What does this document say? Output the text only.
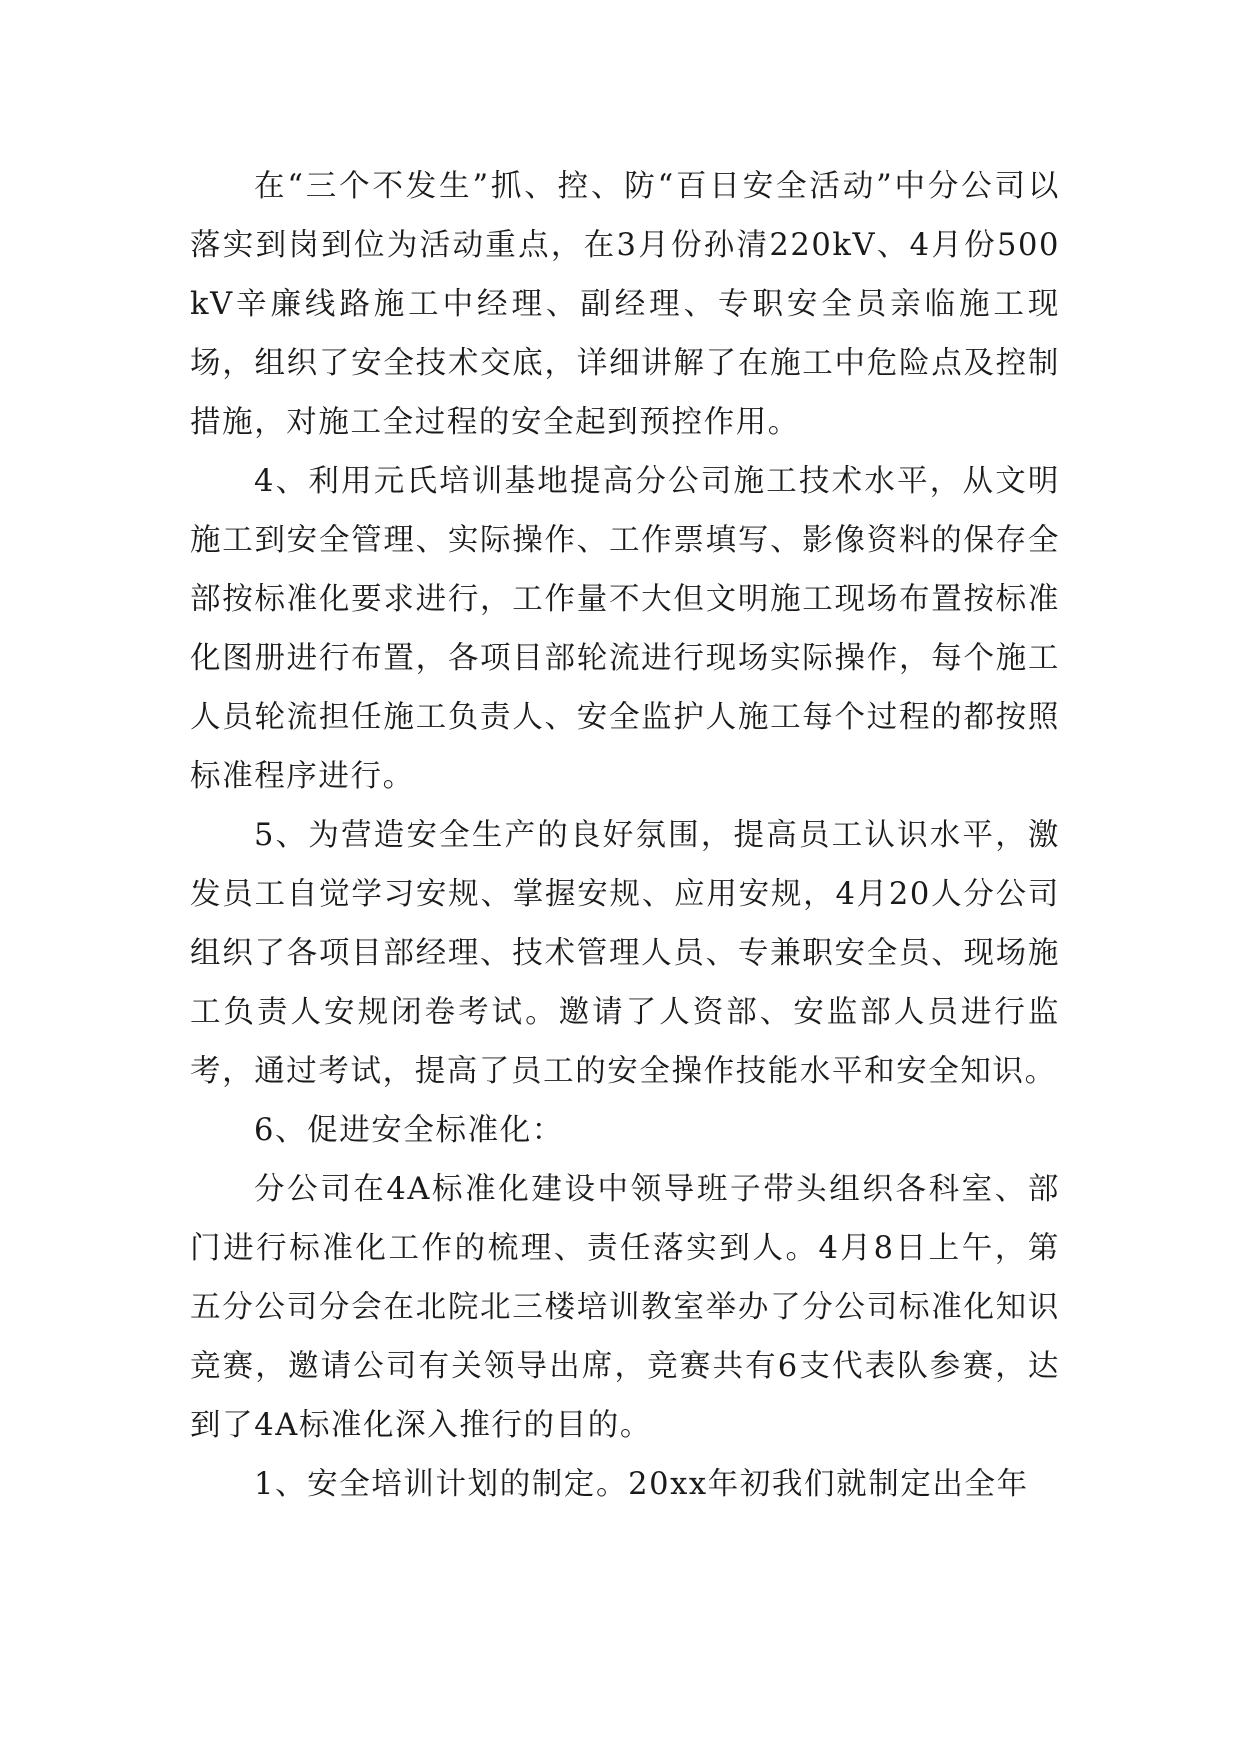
在“三个不发生”抓、控、防“百日安全活动”中分公司以落实到岗到位为活动重点，在3月份孙清220kV、4月份500kV辛廉线路施工中经理、副经理、专职安全员亲临施工现场，组织了安全技术交底，详细讲解了在施工中危险点及控制措施，对施工全过程的安全起到预控作用。

4、利用元氏培训基地提高分公司施工技术水平，从文明施工到安全管理、实际操作、工作票填写、影像资料的保存全部按标准化要求进行，工作量不大但文明施工现场布置按标准化图册进行布置，各项目部轮流进行现场实际操作，每个施工人员轮流担任施工负责人、安全监护人施工每个过程的都按照标准程序进行。

5、为营造安全生产的良好氛围，提高员工认识水平，激发员工自觉学习安规、掌握安规、应用安规，4月20人分公司组织了各项目部经理、技术管理人员、专兼职安全员、现场施工负责人安规闭卷考试。邀请了人资部、安监部人员进行监考，通过考试，提高了员工的安全操作技能水平和安全知识。

6、促进安全标准化：

分公司在4A标准化建设中领导班子带头组织各科室、部门进行标准化工作的梳理、责任落实到人。4月8日上午，第五分公司分会在北院北三楼培训教室举办了分公司标准化知识竞赛，邀请公司有关领导出席，竞赛共有6支代表队参赛，达到了4A标准化深入推行的目的。

1、安全培训计划的制定。20xx年初我们就制定出全年
